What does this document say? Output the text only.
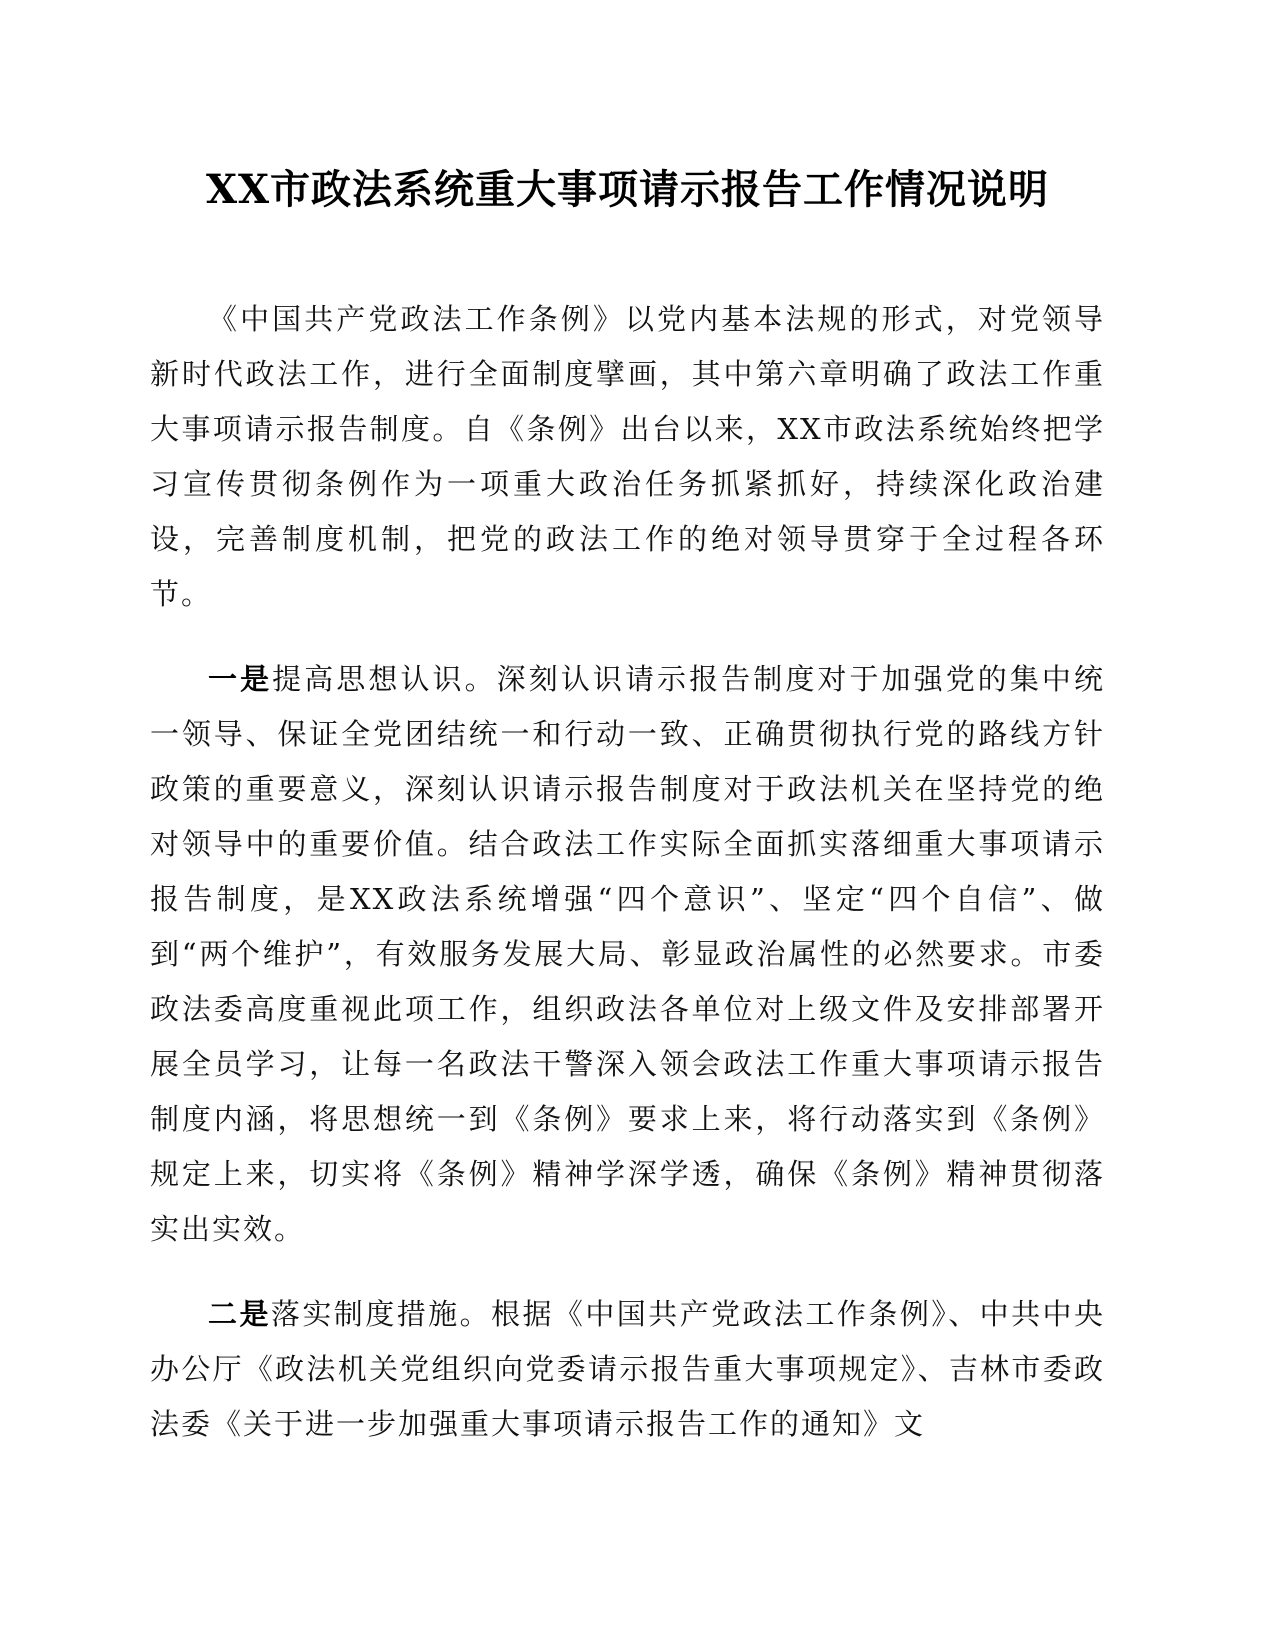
XX市政法系统重大事项请示报告工作情况说明

《中国共产党政法工作条例》以党内基本法规的形式，对党领导新时代政法工作，进行全面制度擘画，其中第六章明确了政法工作重大事项请示报告制度。自《条例》出台以来，XX市政法系统始终把学习宣传贯彻条例作为一项重大政治任务抓紧抓好，持续深化政治建设，完善制度机制，把党的政法工作的绝对领导贯穿于全过程各环节。

一是提高思想认识。深刻认识请示报告制度对于加强党的集中统一领导、保证全党团结统一和行动一致、正确贯彻执行党的路线方针政策的重要意义，深刻认识请示报告制度对于政法机关在坚持党的绝对领导中的重要价值。结合政法工作实际全面抓实落细重大事项请示报告制度，是XX政法系统增强“四个意识”、坚定“四个自信”、做到“两个维护”，有效服务发展大局、彰显政治属性的必然要求。市委政法委高度重视此项工作，组织政法各单位对上级文件及安排部署开展全员学习，让每一名政法干警深入领会政法工作重大事项请示报告制度内涵，将思想统一到《条例》要求上来，将行动落实到《条例》规定上来，切实将《条例》精神学深学透，确保《条例》精神贯彻落实出实效。

二是落实制度措施。根据《中国共产党政法工作条例》、中共中央办公厅《政法机关党组织向党委请示报告重大事项规定》、吉林市委政法委《关于进一步加强重大事项请示报告工作的通知》文
